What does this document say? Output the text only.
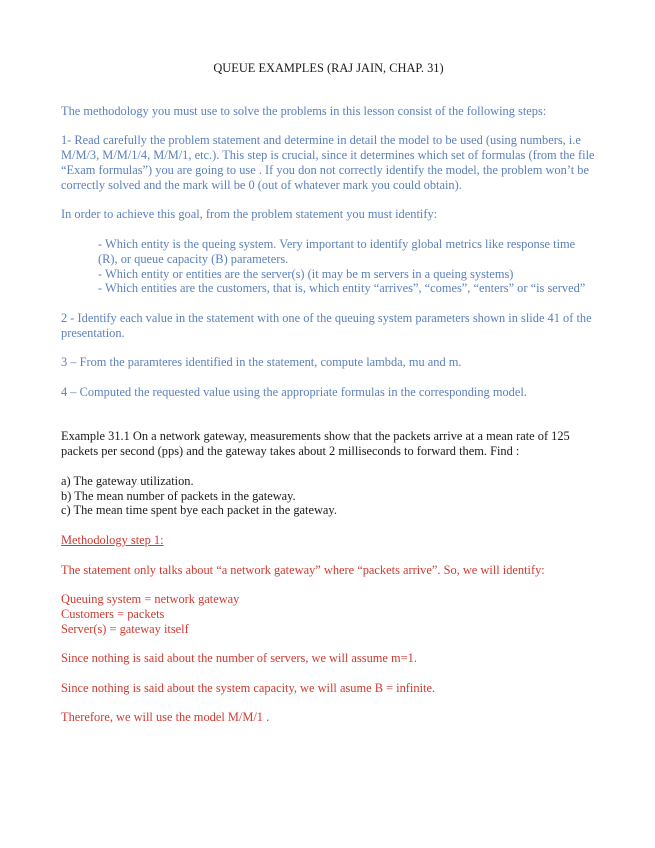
QUEUE EXAMPLES (RAJ JAIN, CHAP. 31)

The methodology you must use to solve the problems in this lesson consist of the following steps:

1- Read carefully the problem statement and determine in detail the model to be used (using numbers, i.e M/M/3, M/M/1/4, M/M/1, etc.). This step is crucial, since it determines which set of formulas (from the file “Exam formulas”) you are going to use . If you don not correctly identify the model, the problem won’t be correctly solved and the mark will be 0 (out of whatever mark you could obtain).

In order to achieve this goal, from the problem statement you must identify:

- Which entity is the queing system. Very important to identify global metrics like response time (R), or queue capacity (B) parameters.

- Which entity or entities are the server(s) (it may be m servers in a queing systems)

- Which entities are the customers, that is, which entity “arrives”, “comes”, “enters” or “is served”

2 - Identify each value in the statement with one of the queuing system parameters shown in slide 41 of the presentation.

3 – From the paramteres identified in the statement, compute lambda, mu and m.

4 – Computed the requested value using the appropriate formulas in the corresponding model.

Example 31.1 On a network gateway, measurements show that the packets arrive at a mean rate of 125 packets per second (pps) and the gateway takes about 2 milliseconds to forward them. Find :

a) The gateway utilization.

b) The mean number of packets in the gateway.

c) The mean time spent bye each packet in the gateway.

Methodology step 1:

The statement only talks about “a network gateway” where “packets arrive”. So, we will identify:

Queuing system = network gateway

Customers = packets

Server(s) = gateway itself

Since nothing is said about the number of servers, we will assume m=1.

Since nothing is said about the system capacity, we will asume B = infinite.

Therefore, we will use the model M/M/1 .
